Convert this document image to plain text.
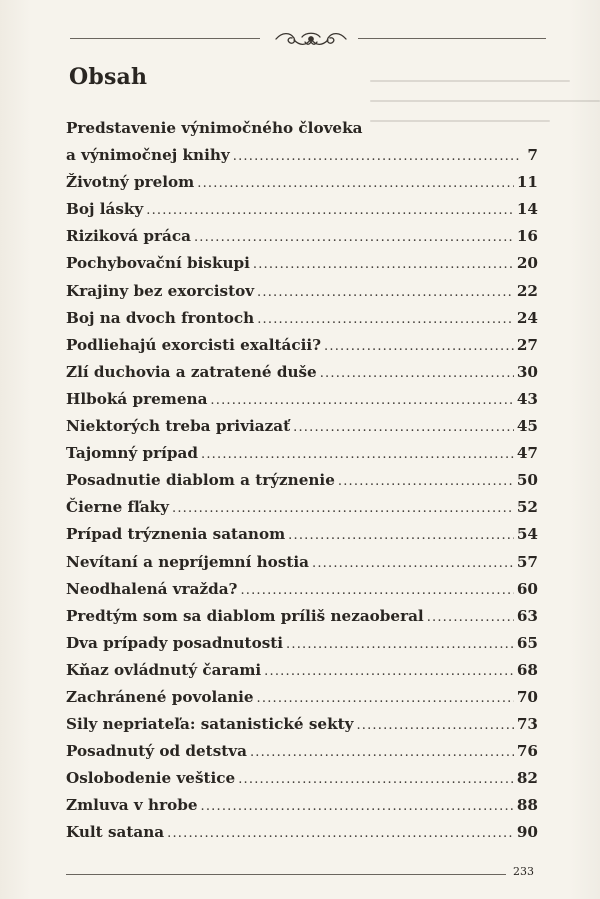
Obsah
Predstavenie výnimočného človeka
a výnimočnej knihy .....	7
Životný prelom .....	11
Boj lásky .....	14
Riziková práca .....	16
Pochybovační biskupi .....	20
Krajiny bez exorcistov .....	22
Boj na dvoch frontoch .....	24
Podliehajú exorcisti exaltácii? .....	27
Zlí duchovia a zatratené duše .....	30
Hlboká premena .....	43
Niektorých treba priviazať .....	45
Tajomný prípad .....	47
Posadnutie diablom a trýznenie .....	50
Čierne fľaky .....	52
Prípad trýznenia satanom .....	54
Nevítaní a nepríjemní hostia .....	57
Neodhalená vražda? .....	60
Predtým som sa diablom príliš nezaoberal .....	63
Dva prípady posadnutosti .....	65
Kňaz ovládnutý čarami .....	68
Zachránené povolanie .....	70
Sily nepriateľa: satanistické sekty .....	73
Posadnutý od detstva .....	76
Oslobodenie veštice .....	82
Zmluva v hrobe .....	88
Kult satana .....	90
233
